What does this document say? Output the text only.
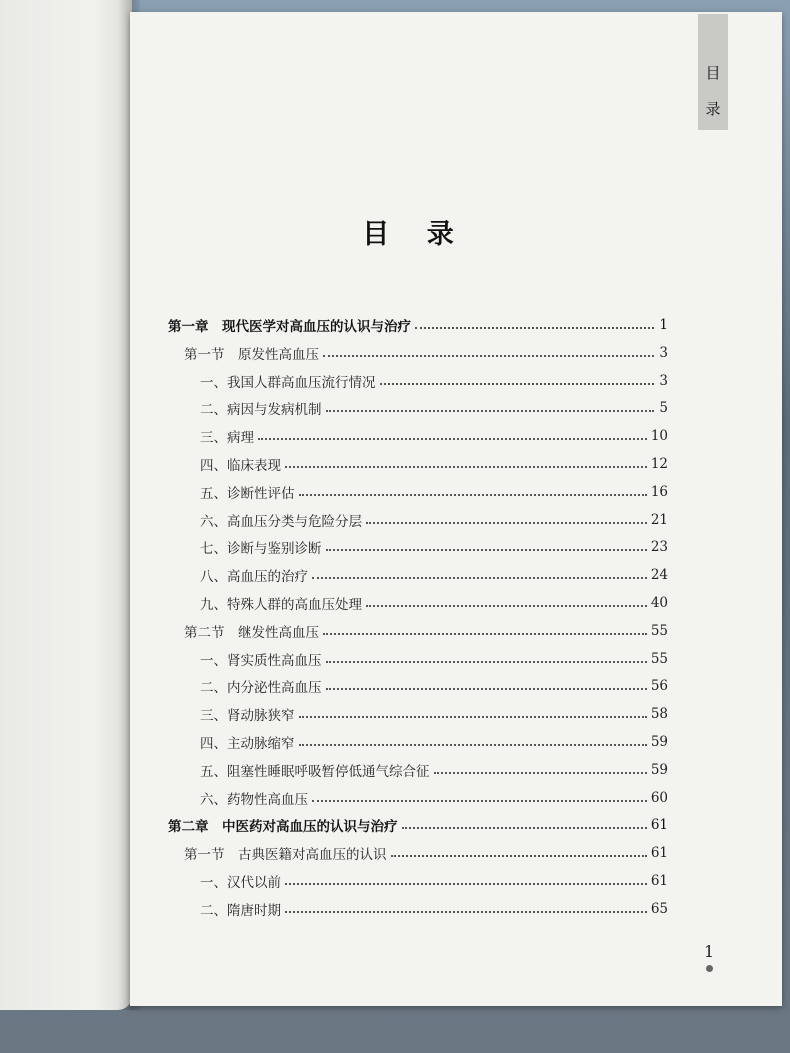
目 录
目 录
第一章　现代医学对高血压的认识与治疗	1
第一节　原发性高血压	3
一、我国人群高血压流行情况	3
二、病因与发病机制	5
三、病理	10
四、临床表现	12
五、诊断性评估	16
六、高血压分类与危险分层	21
七、诊断与鉴别诊断	23
八、高血压的治疗	24
九、特殊人群的高血压处理	40
第二节　继发性高血压	55
一、肾实质性高血压	55
二、内分泌性高血压	56
三、肾动脉狭窄	58
四、主动脉缩窄	59
五、阻塞性睡眠呼吸暂停低通气综合征	59
六、药物性高血压	60
第二章　中医药对高血压的认识与治疗	61
第一节　古典医籍对高血压的认识	61
一、汉代以前	61
二、隋唐时期	65
1
